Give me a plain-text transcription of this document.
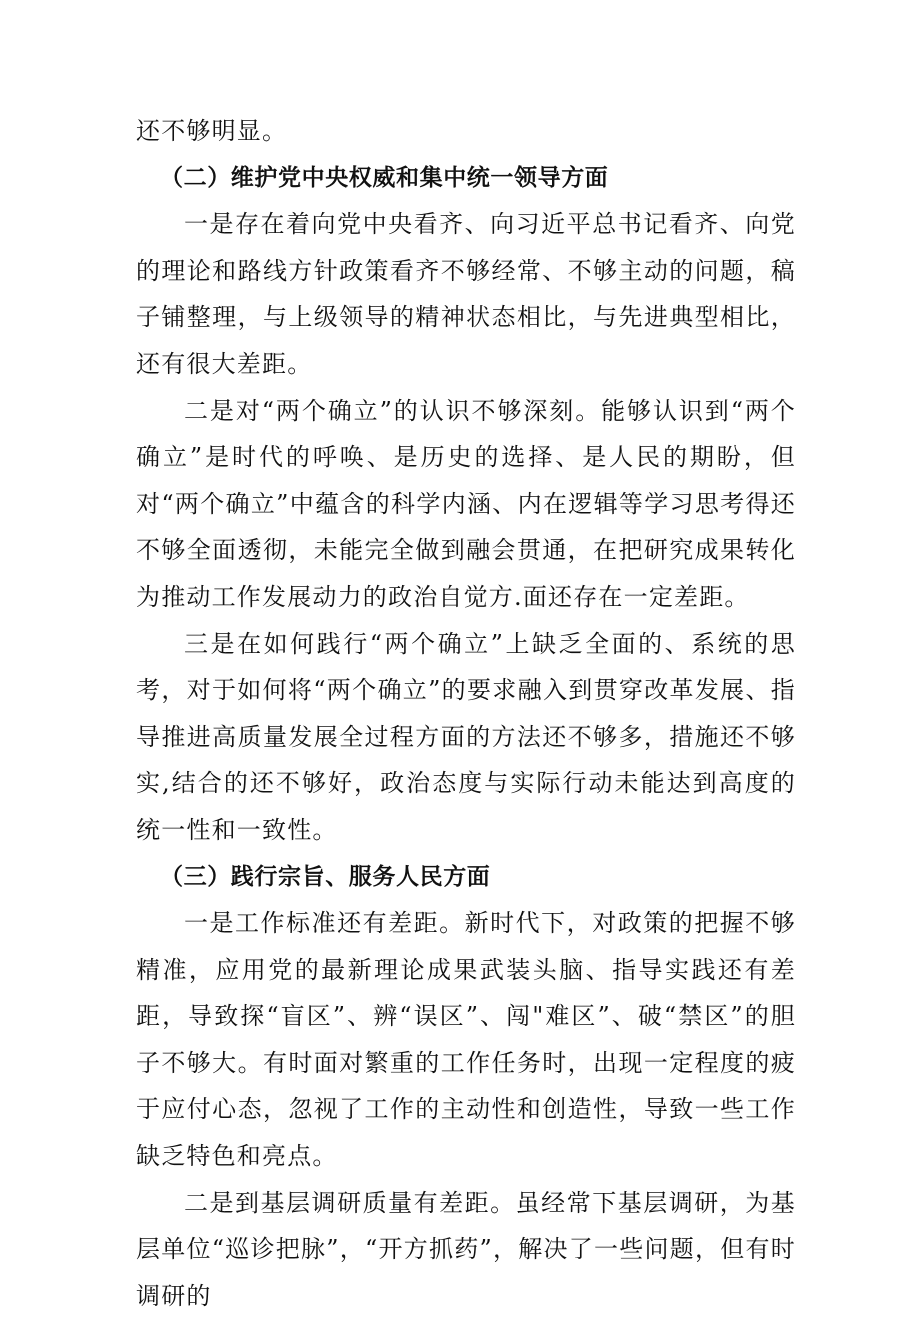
还不够明显。

（二）维护党中央权威和集中统一领导方面

一是存在着向党中央看齐、向习近平总书记看齐、向党的理论和路线方针政策看齐不够经常、不够主动的问题，稿子铺整理，与上级领导的精神状态相比，与先进典型相比，还有很大差距。

二是对“两个确立”的认识不够深刻。能够认识到“两个确立”是时代的呼唤、是历史的选择、是人民的期盼，但对“两个确立”中蕴含的科学内涵、内在逻辑等学习思考得还不够全面透彻，未能完全做到融会贯通，在把研究成果转化为推动工作发展动力的政治自觉方.面还存在一定差距。

三是在如何践行“两个确立”上缺乏全面的、系统的思考，对于如何将“两个确立”的要求融入到贯穿改革发展、指导推进高质量发展全过程方面的方法还不够多，措施还不够实,结合的还不够好，政治态度与实际行动未能达到高度的统一性和一致性。

（三）践行宗旨、服务人民方面

一是工作标准还有差距。新时代下，对政策的把握不够精准，应用党的最新理论成果武装头脑、指导实践还有差距，导致探“盲区”、辨“误区”、闯"难区”、破“禁区”的胆子不够大。有时面对繁重的工作任务时，出现一定程度的疲于应付心态，忽视了工作的主动性和创造性，导致一些工作缺乏特色和亮点。

二是到基层调研质量有差距。虽经常下基层调研，为基层单位“巡诊把脉”，“开方抓药”，解决了一些问题，但有时调研的
